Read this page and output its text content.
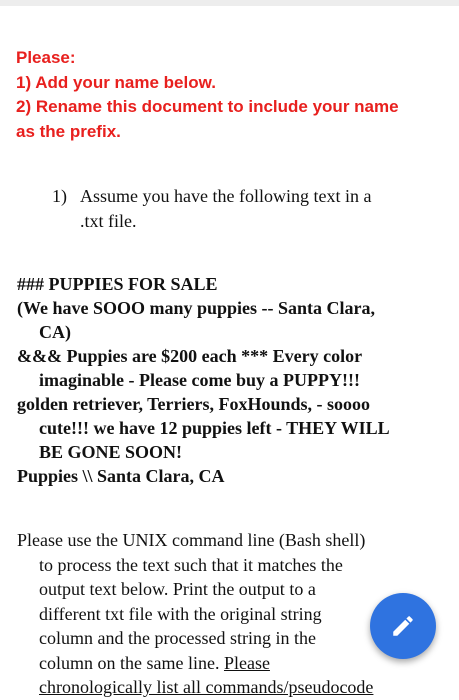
Please:
1) Add your name below.
2) Rename this document to include your name
as the prefix.
1) Assume you have the following text in a
.txt file.
### PUPPIES FOR SALE
(We have SOOO many puppies -- Santa Clara,
CA)
&&& Puppies are $200 each *** Every color
imaginable - Please come buy a PUPPY!!!
golden retriever, Terriers, FoxHounds, - soooo
cute!!! we have 12 puppies left - THEY WILL
BE GONE SOON!
Puppies \\ Santa Clara, CA
Please use the UNIX command line (Bash shell)
to process the text such that it matches the
output text below. Print the output to a
different txt file with the original string
column and the processed string in the
column on the same line. Please
chronologically list all commands/pseudocode
